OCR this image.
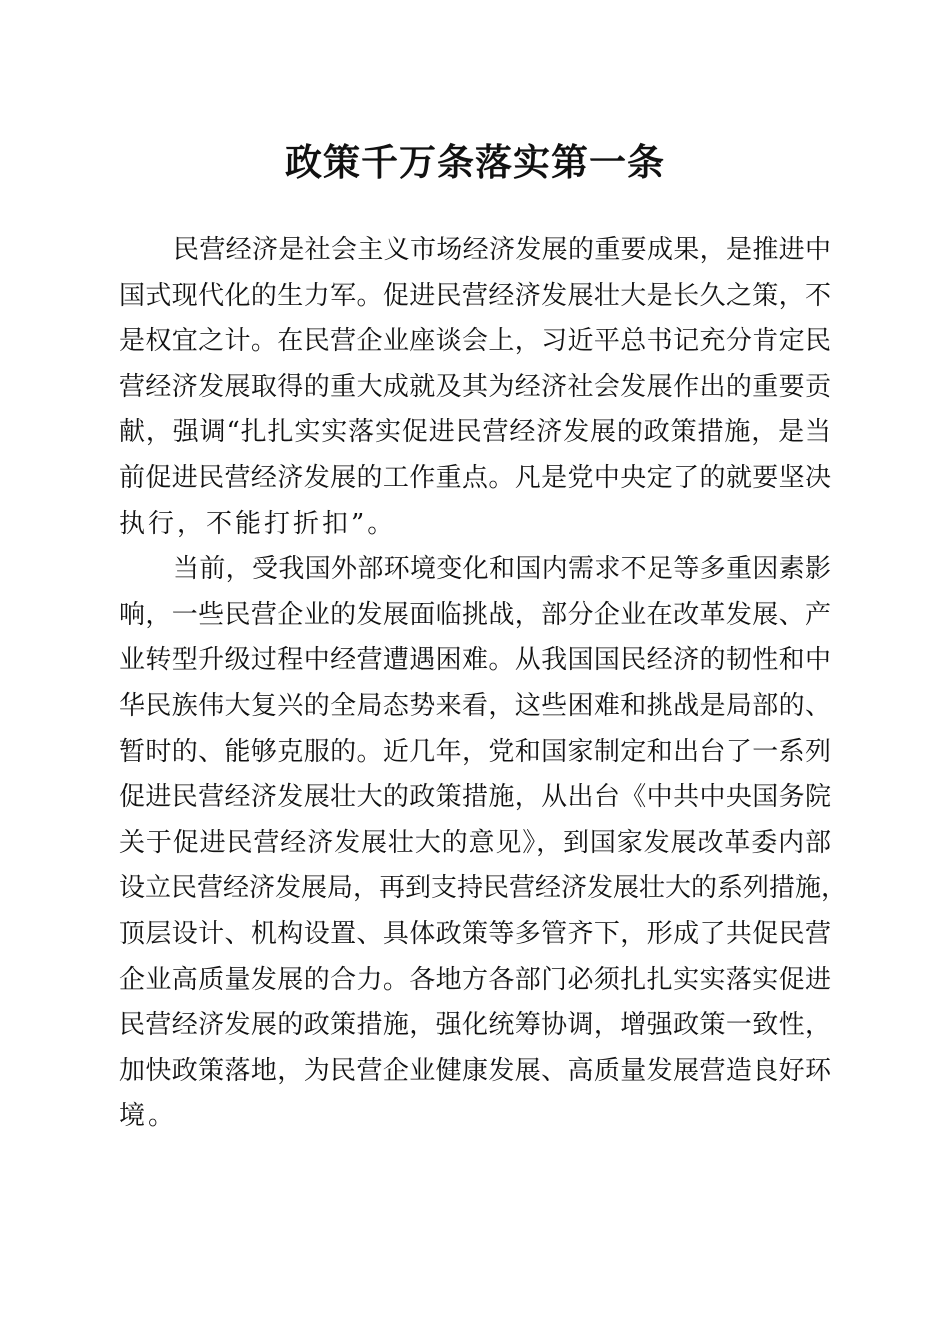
政策千万条落实第一条
民营经济是社会主义市场经济发展的重要成果，是推进中
国式现代化的生力军。促进民营经济发展壮大是长久之策，不
是权宜之计。在民营企业座谈会上，习近平总书记充分肯定民
营经济发展取得的重大成就及其为经济社会发展作出的重要贡
献，强调“扎扎实实落实促进民营经济发展的政策措施，是当
前促进民营经济发展的工作重点。凡是党中央定了的就要坚决
执行，不能打折扣”。
当前，受我国外部环境变化和国内需求不足等多重因素影
响，一些民营企业的发展面临挑战，部分企业在改革发展、产
业转型升级过程中经营遭遇困难。从我国国民经济的韧性和中
华民族伟大复兴的全局态势来看，这些困难和挑战是局部的、
暂时的、能够克服的。近几年，党和国家制定和出台了一系列
促进民营经济发展壮大的政策措施，从出台《中共中央国务院
关于促进民营经济发展壮大的意见》，到国家发展改革委内部
设立民营经济发展局，再到支持民营经济发展壮大的系列措施，
顶层设计、机构设置、具体政策等多管齐下，形成了共促民营
企业高质量发展的合力。各地方各部门必须扎扎实实落实促进
民营经济发展的政策措施，强化统筹协调，增强政策一致性，
加快政策落地，为民营企业健康发展、高质量发展营造良好环
境。
